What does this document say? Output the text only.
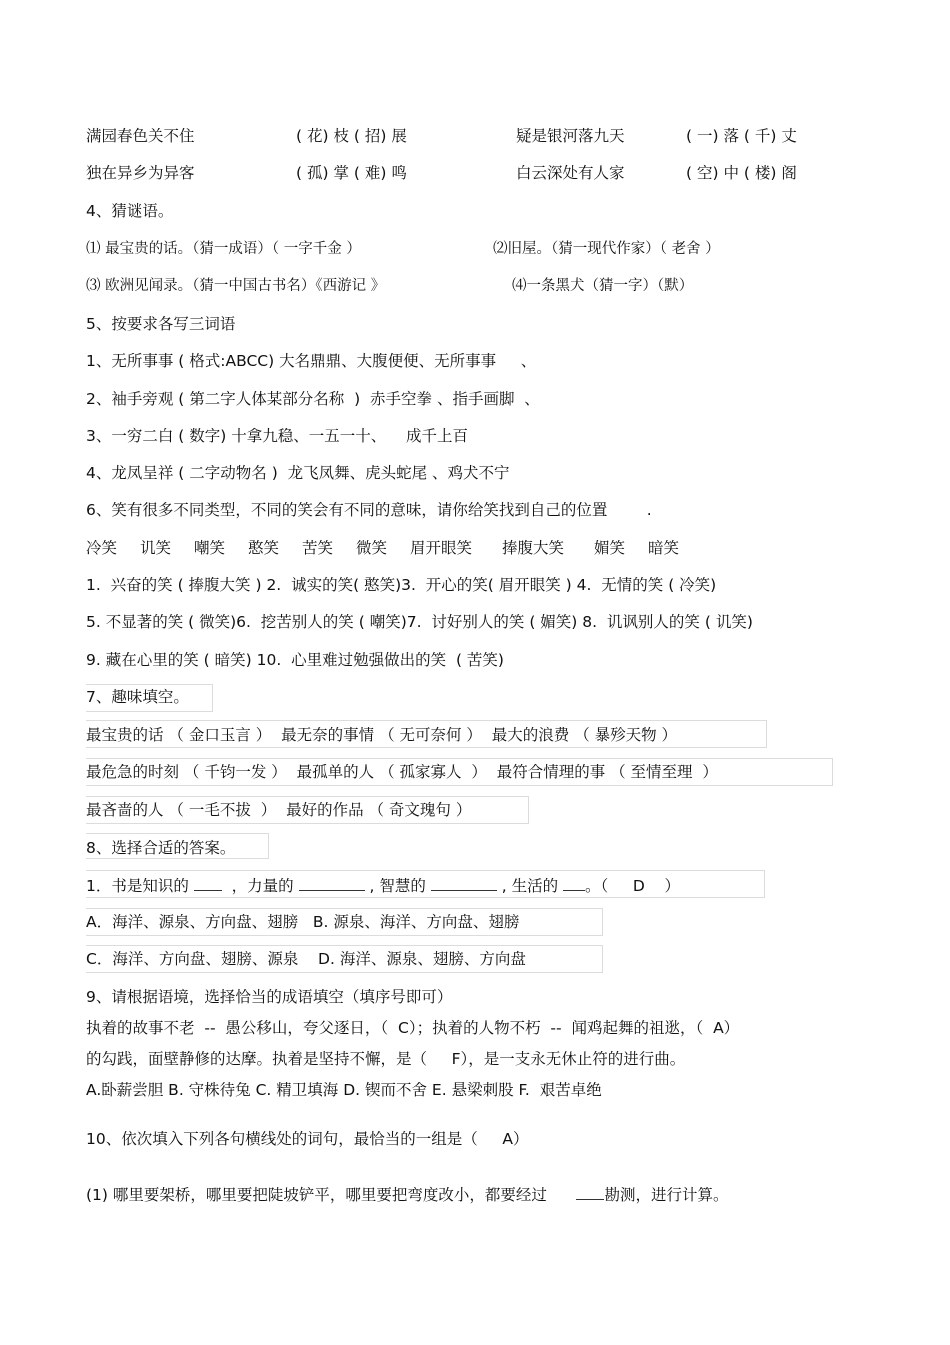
满园春色关不住	( 花) 枝 ( 招) 展	疑是银河落九天	( 一) 落 ( 千) 丈
独在异乡为异客	( 孤) 掌 ( 难) 鸣	白云深处有人家	( 空) 中 ( 楼) 阁
4、猜谜语。
⑴ 最宝贵的话。（猜一成语）（ 一字千金 ）	⑵旧屋。（猜一现代作家）（ 老舍 ）
⑶ 欧洲见闻录。（猜一中国古书名）《西游记 》	⑷一条黑犬（猜一字）（默）
5、按要求各写三词语
1、无所事事 ( 格式:ABCC) 大名鼎鼎、大腹便便、无所事事     、
2、袖手旁观 ( 第二字人体某部分名称  )  赤手空拳 、指手画脚  、
3、一穷二白 ( 数字) 十拿九稳、一五一十、    成千上百
4、龙凤呈祥 ( 二字动物名 )  龙飞凤舞、虎头蛇尾 、鸡犬不宁
6、笑有很多不同类型，不同的笑会有不同的意味，请你给笑找到自己的位置        .
冷笑 讥笑 嘲笑 憨笑 苦笑 微笑 眉开眼笑 捧腹大笑 媚笑 暗笑
1.  兴奋的笑 ( 捧腹大笑 ) 2.  诚实的笑( 憨笑)3.  开心的笑( 眉开眼笑 ) 4.  无情的笑 ( 冷笑)
5. 不显著的笑 ( 微笑)6.  挖苦别人的笑 ( 嘲笑)7.  讨好别人的笑 ( 媚笑) 8.  讥讽别人的笑 ( 讥笑)
9. 藏在心里的笑 ( 暗笑) 10.  心里难过勉强做出的笑  ( 苦笑)
7、趣味填空。
最宝贵的话 （ 金口玉言 ）  最无奈的事情 （ 无可奈何 ）  最大的浪费 （ 暴殄天物 ）
最危急的时刻 （ 千钧一发 ）  最孤单的人 （ 孤家寡人  ）  最符合情理的事 （ 至情至理  ）
最吝啬的人 （ 一毛不拔  ）  最好的作品 （ 奇文瑰句 ）
8、选择合适的答案。
1．书是知识的   ，力量的	, 智慧的	, 生活的 。（     D    ）
A．海洋、源泉、方向盘、翅膀   B. 源泉、海洋、方向盘、翅膀
C．海洋、方向盘、翅膀、源泉    D. 海洋、源泉、翅膀、方向盘
9、请根据语境，选择恰当的成语填空（填序号即可）
执着的故事不老  --  愚公移山，夸父逐日，（  C）；执着的人物不朽  --  闻鸡起舞的祖逖，（  A）
的勾践，面壁静修的达摩。执着是坚持不懈，是（     F），是一支永无休止符的进行曲。
A.卧薪尝胆 B. 守株待兔 C. 精卫填海 D. 锲而不舍 E. 悬梁刺股 F.  艰苦卓绝
10、依次填入下列各句横线处的词句，最恰当的一组是（     A）
(1) 哪里要架桥，哪里要把陡坡铲平，哪里要把弯度改小，都要经过      勘测，进行计算。
